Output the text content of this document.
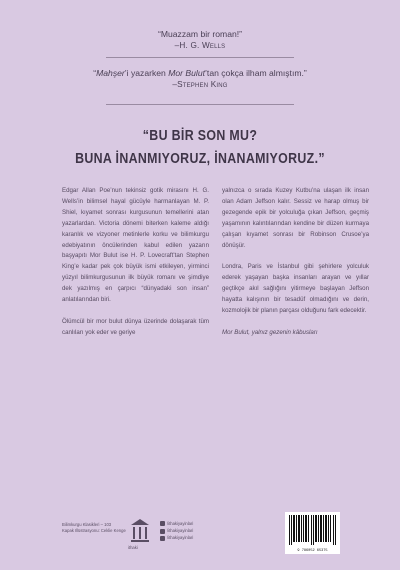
“Muazzam bir roman!”
–H. G. Wells
“Mahşer’i yazarken Mor Bulut’tan çokça ilham almıştım.”
–Stephen King
“BU BİR SON MU?
BUNA İNANMIYORUZ, İNANAMIYORUZ.”

Edgar Allan Poe’nun tekinsiz gotik mirasını H. G. Wells’in bilimsel hayal gücüyle harmanlayan M. P. Shiel, kıyamet sonrası kurgusunun temellerini atan yazarlardan. Victoria dönemi biterken kaleme aldığı karanlık ve vizyoner metinlerle korku ve bilimkurgu edebiyatının öncülerinden kabul edilen yazarın başyapıtı Mor Bulut ise H. P. Lovecraft’tan Stephen King’e kadar pek çok büyük ismi etkileyen, yirminci yüzyıl bilimkurgusunun ilk büyük romanı ve şimdiye dek yazılmış en çarpıcı “dünyadaki son insan” anlatılarından biri.

Ölümcül bir mor bulut dünya üzerinde dolaşarak tüm canlıları yok eder ve geriye

yalnızca o sırada Kuzey Kutbu’na ulaşan ilk insan olan Adam Jeffson kalır. Sessiz ve harap olmuş bir gezegende epik bir yolculuğa çıkan Jeffson, geçmiş yaşamının kalıntılarından kendine bir düzen kurmaya çalışan kıyamet sonrası bir Robinson Crusoe’ya dönüşür.

Londra, Paris ve İstanbul gibi şehirlere yolculuk ederek yaşayan başka insanları arayan ve yıllar geçtikçe akıl sağlığını yitirmeye başlayan Jeffson hayatta kalışının bir tesadüf olmadığını ve derin, kozmolojik bir planın parçası olduğunu fark edecektir.

Mor Bulut, yalnız gezenin kâbusları

Bilimkurgu Klasikleri – 103
Kapak Illüstrasyonu: Ceklie Kenge
ithaki
/ithakiyayinlari
/ithakiyayinlari
/ithakiyayinlari
9 786052 65375
